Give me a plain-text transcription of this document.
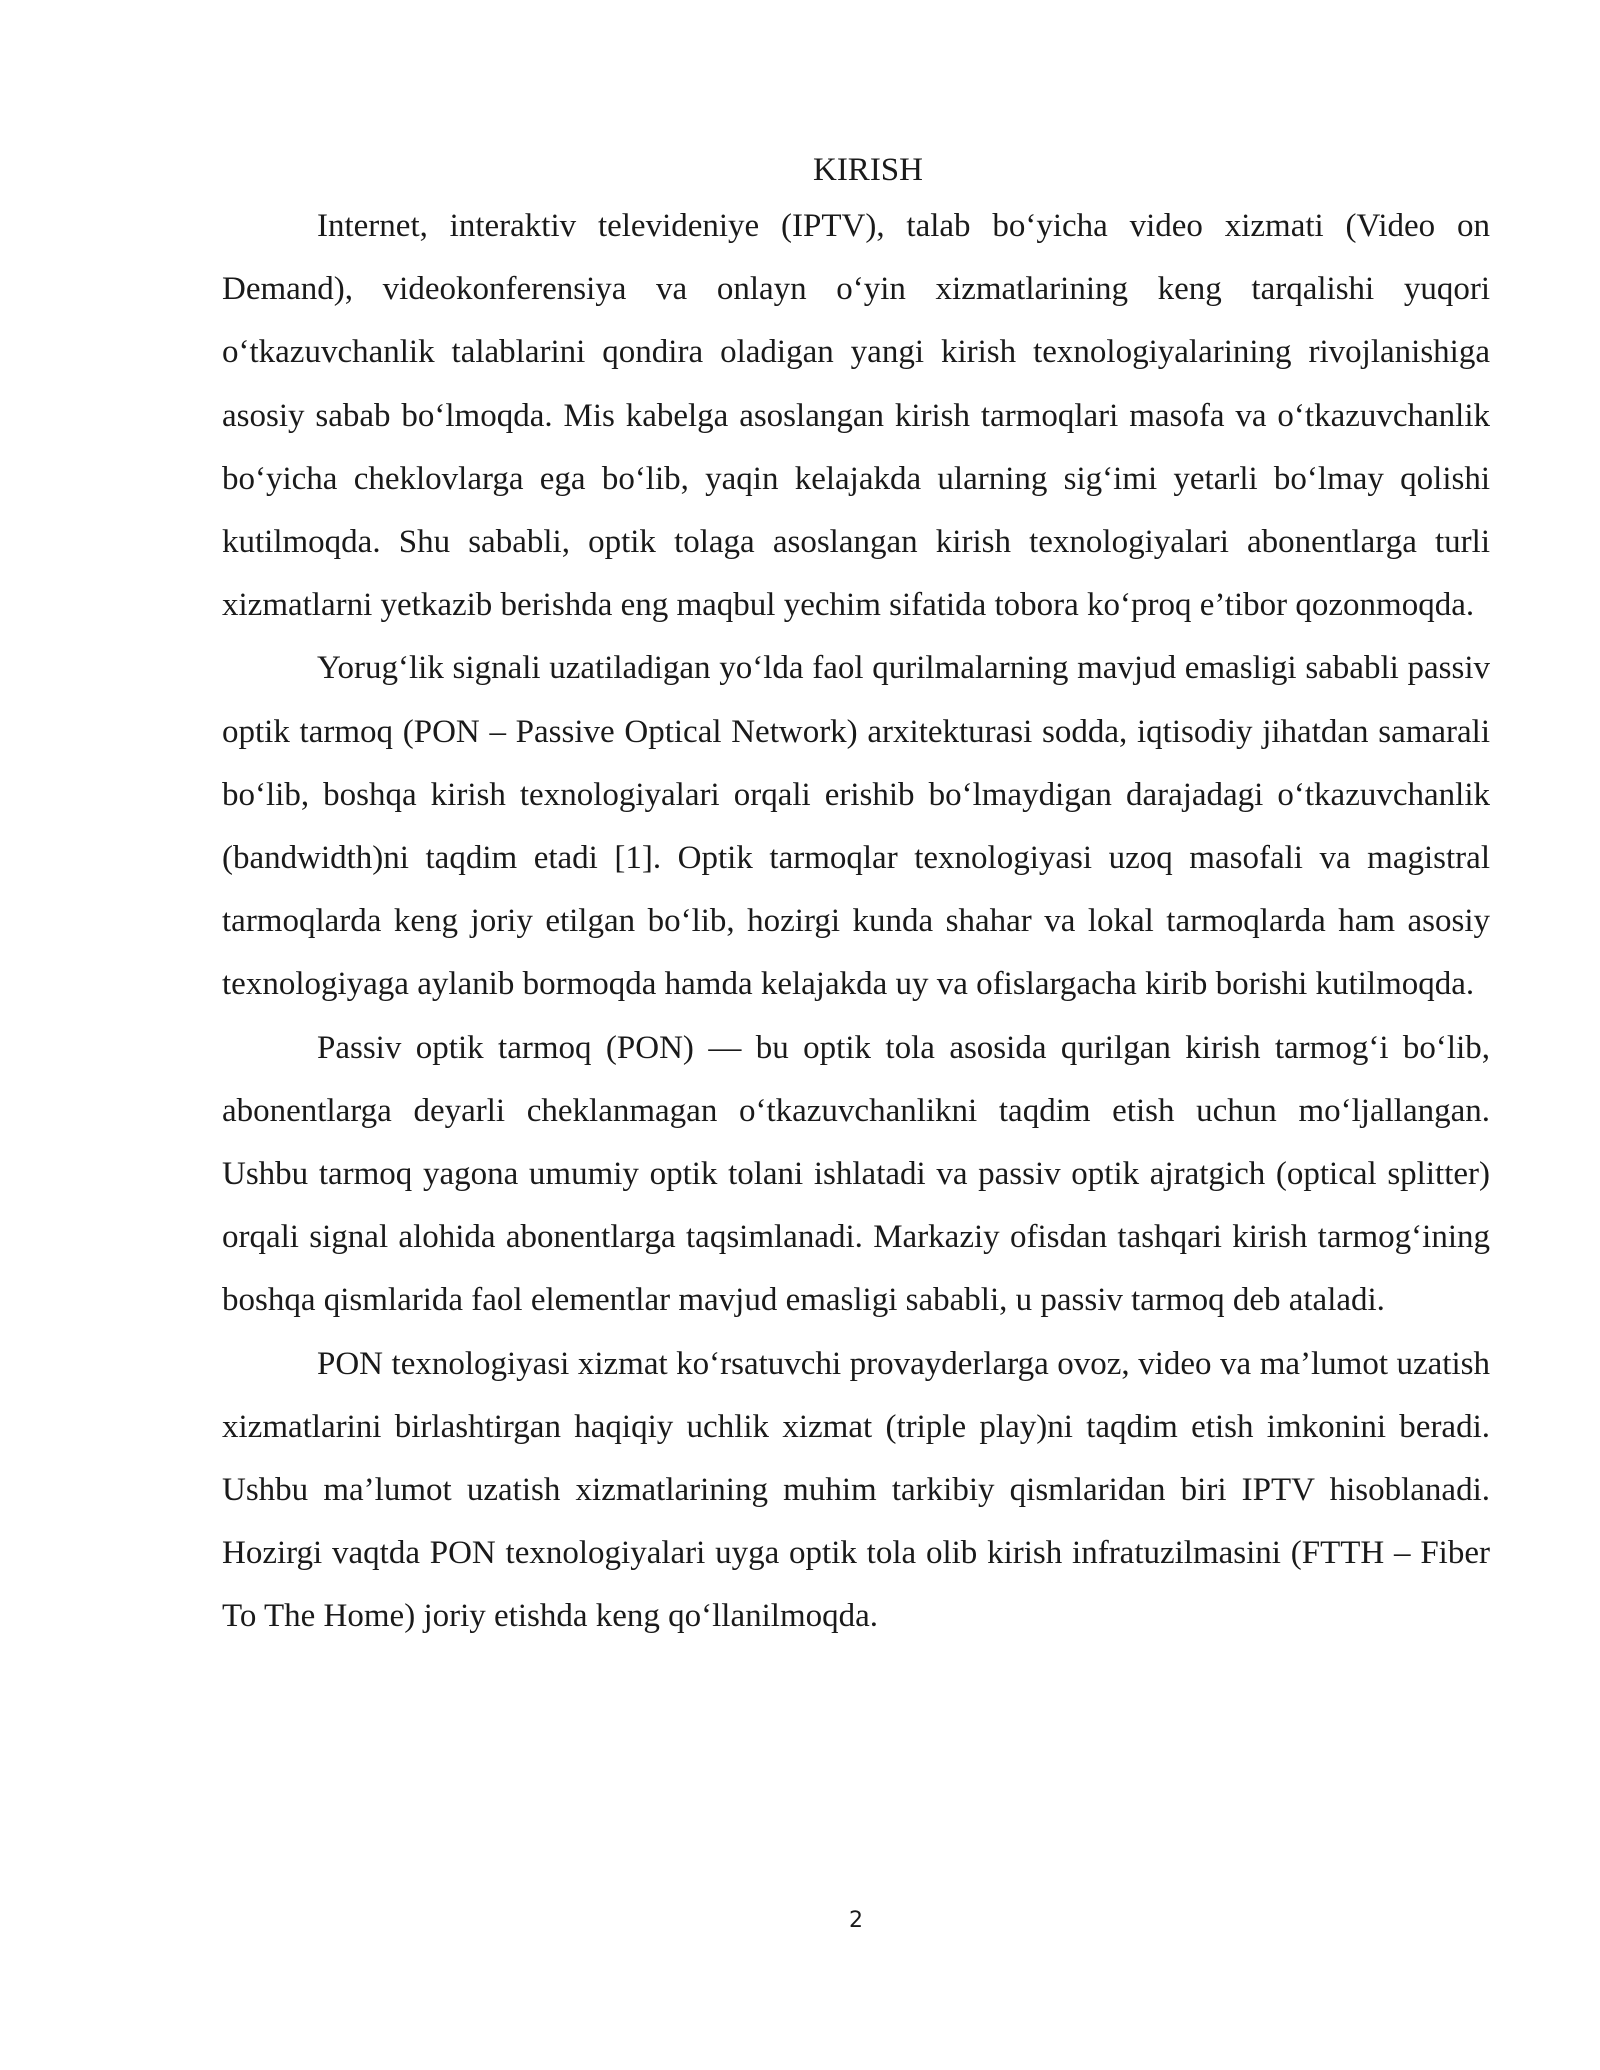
KIRISH

Internet, interaktiv televideniye (IPTV), talab bo‘yicha video xizmati (Video on Demand), videokonferensiya va onlayn o‘yin xizmatlarining keng tarqalishi yuqori o‘tkazuvchanlik talablarini qondira oladigan yangi kirish texnologiyalarining rivojlanishiga asosiy sabab bo‘lmoqda. Mis kabelga asoslangan kirish tarmoqlari masofa va o‘tkazuvchanlik bo‘yicha cheklovlarga ega bo‘lib, yaqin kelajakda ularning sig‘imi yetarli bo‘lmay qolishi kutilmoqda. Shu sababli, optik tolaga asoslangan kirish texnologiyalari abonentlarga turli xizmatlarni yetkazib berishda eng maqbul yechim sifatida tobora ko‘proq e’tibor qozonmoqda.

Yorug‘lik signali uzatiladigan yo‘lda faol qurilmalarning mavjud emasligi sababli passiv optik tarmoq (PON – Passive Optical Network) arxitekturasi sodda, iqtisodiy jihatdan samarali bo‘lib, boshqa kirish texnologiyalari orqali erishib bo‘lmaydigan darajadagi o‘tkazuvchanlik (bandwidth)ni taqdim etadi [1]. Optik tarmoqlar texnologiyasi uzoq masofali va magistral tarmoqlarda keng joriy etilgan bo‘lib, hozirgi kunda shahar va lokal tarmoqlarda ham asosiy texnologiyaga aylanib bormoqda hamda kelajakda uy va ofislargacha kirib borishi kutilmoqda.

Passiv optik tarmoq (PON) — bu optik tola asosida qurilgan kirish tarmog‘i bo‘lib, abonentlarga deyarli cheklanmagan o‘tkazuvchanlikni taqdim etish uchun mo‘ljallangan. Ushbu tarmoq yagona umumiy optik tolani ishlatadi va passiv optik ajratgich (optical splitter) orqali signal alohida abonentlarga taqsimlanadi. Markaziy ofisdan tashqari kirish tarmog‘ining boshqa qismlarida faol elementlar mavjud emasligi sababli, u passiv tarmoq deb ataladi.

PON texnologiyasi xizmat ko‘rsatuvchi provayderlarga ovoz, video va ma’lumot uzatish xizmatlarini birlashtirgan haqiqiy uchlik xizmat (triple play)ni taqdim etish imkonini beradi. Ushbu ma’lumot uzatish xizmatlarining muhim tarkibiy qismlaridan biri IPTV hisoblanadi. Hozirgi vaqtda PON texnologiyalari uyga optik tola olib kirish infratuzilmasini (FTTH – Fiber To The Home) joriy etishda keng qo‘llanilmoqda.

2
